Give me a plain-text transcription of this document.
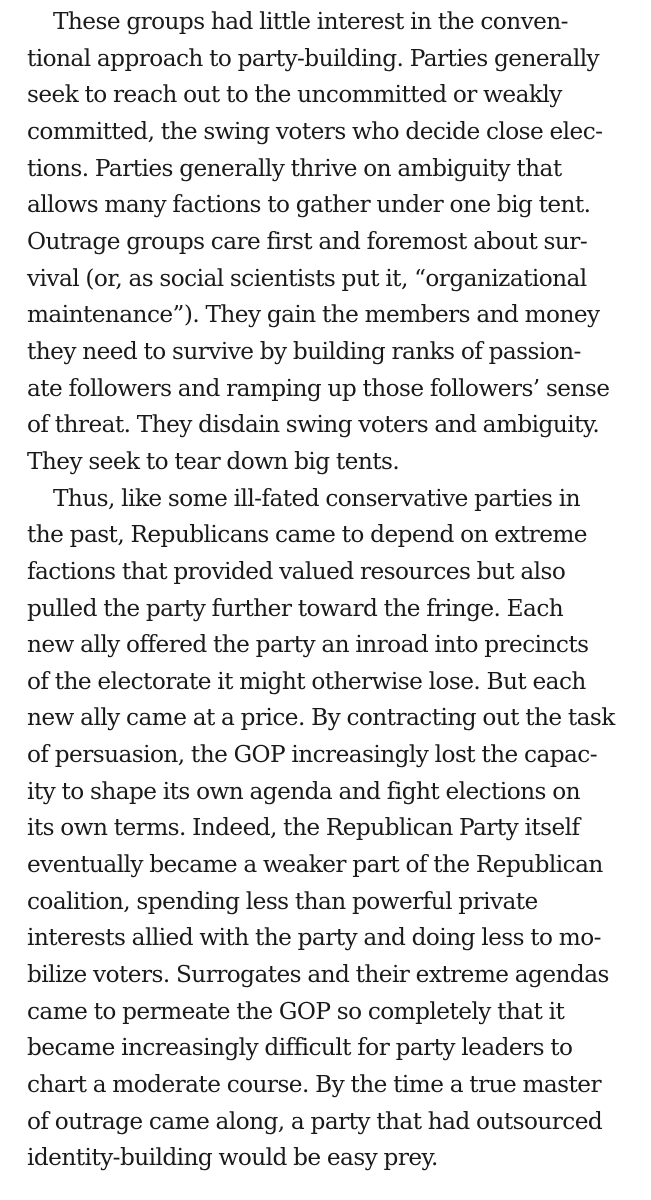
These groups had little interest in the conven-
tional approach to party-building. Parties generally
seek to reach out to the uncommitted or weakly
committed, the swing voters who decide close elec-
tions. Parties generally thrive on ambiguity that
allows many factions to gather under one big tent.
Outrage groups care first and foremost about sur-
vival (or, as social scientists put it, “organizational
maintenance”). They gain the members and money
they need to survive by building ranks of passion-
ate followers and ramping up those followers’ sense
of threat. They disdain swing voters and ambiguity.
They seek to tear down big tents.

Thus, like some ill-fated conservative parties in
the past, Republicans came to depend on extreme
factions that provided valued resources but also
pulled the party further toward the fringe. Each
new ally offered the party an inroad into precincts
of the electorate it might otherwise lose. But each
new ally came at a price. By contracting out the task
of persuasion, the GOP increasingly lost the capac-
ity to shape its own agenda and fight elections on
its own terms. Indeed, the Republican Party itself
eventually became a weaker part of the Republican
coalition, spending less than powerful private
interests allied with the party and doing less to mo-
bilize voters. Surrogates and their extreme agendas
came to permeate the GOP so completely that it
became increasingly difficult for party leaders to
chart a moderate course. By the time a true master
of outrage came along, a party that had outsourced
identity-building would be easy prey.
